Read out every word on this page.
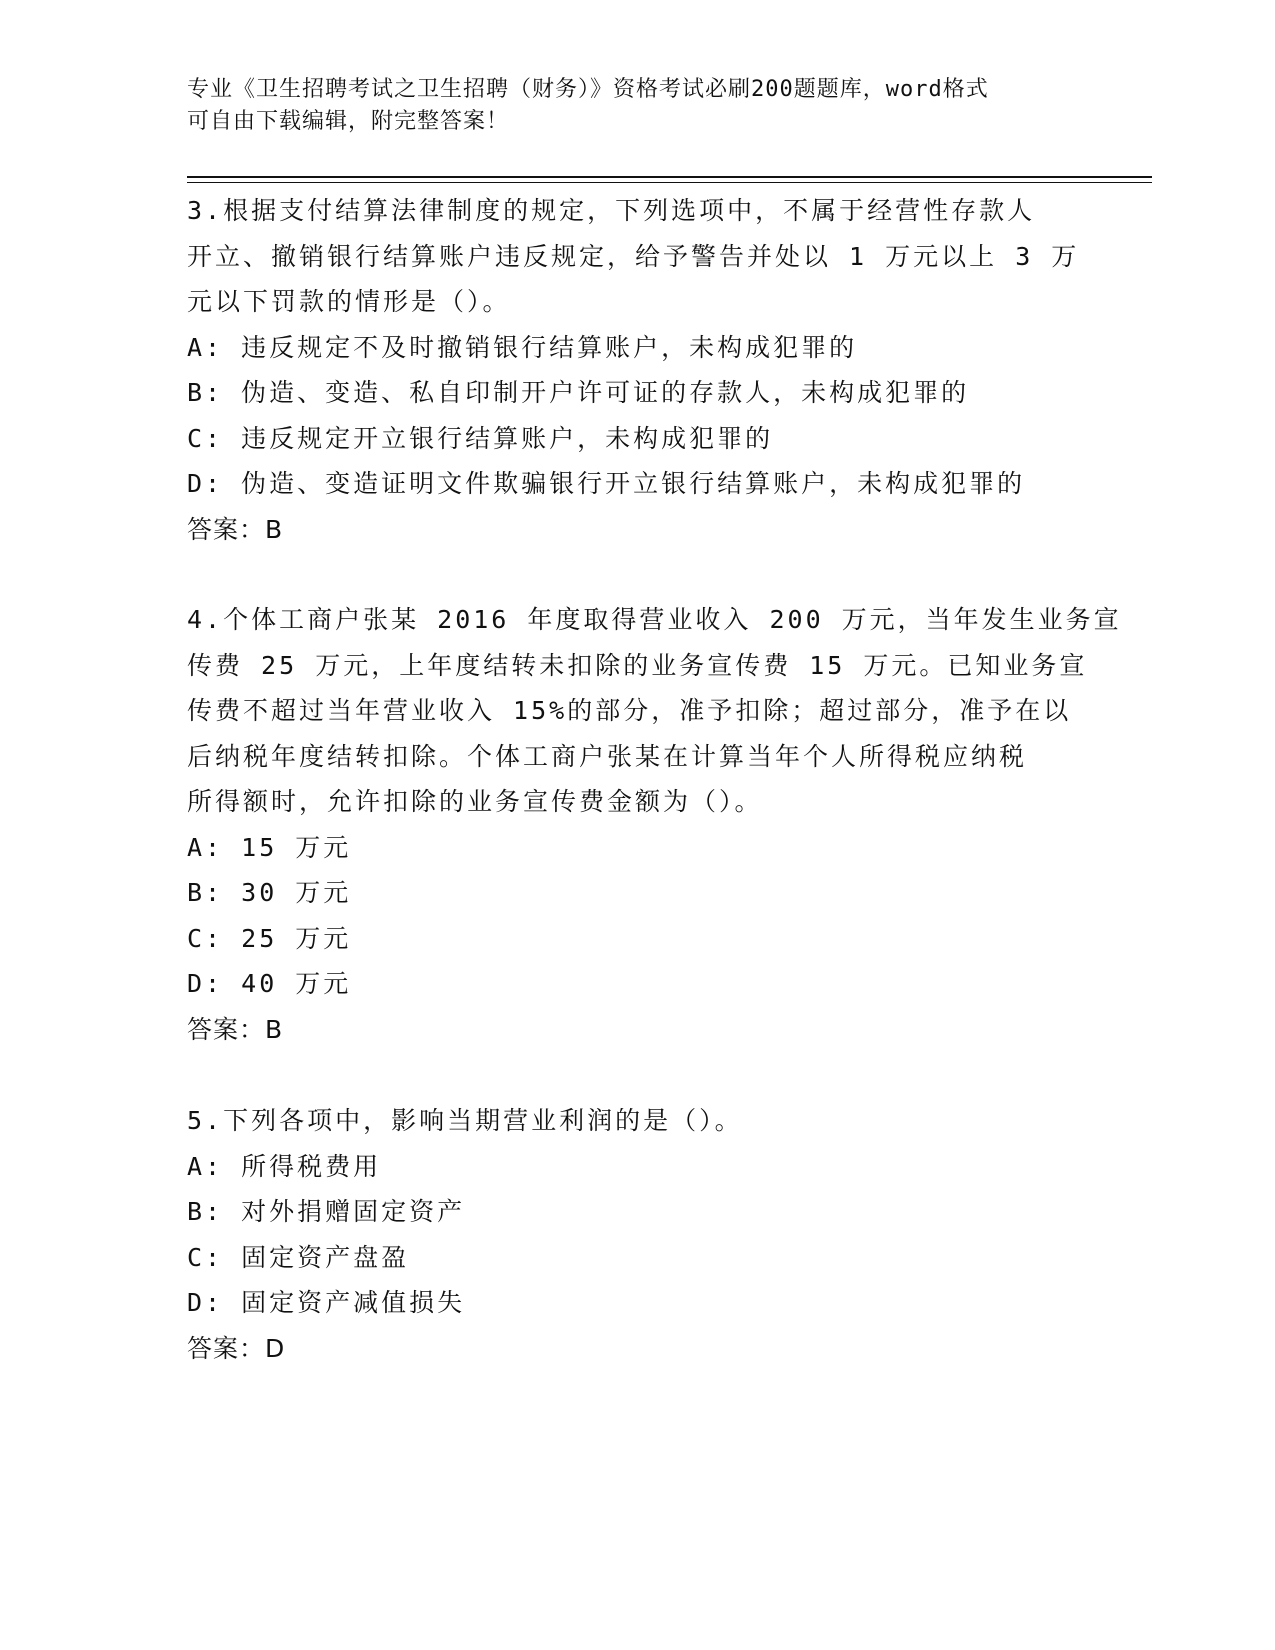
专业《卫生招聘考试之卫生招聘（财务）》资格考试必刷200题题库，word格式
可自由下载编辑，附完整答案！
3.根据支付结算法律制度的规定，下列选项中，不属于经营性存款人
开立、撤销银行结算账户违反规定，给予警告并处以 1 万元以上 3 万
元以下罚款的情形是（）。
A: 违反规定不及时撤销银行结算账户，未构成犯罪的
B: 伪造、变造、私自印制开户许可证的存款人，未构成犯罪的
C: 违反规定开立银行结算账户，未构成犯罪的
D: 伪造、变造证明文件欺骗银行开立银行结算账户，未构成犯罪的
答案：B
4.个体工商户张某 2016 年度取得营业收入 200 万元，当年发生业务宣
传费 25 万元，上年度结转未扣除的业务宣传费 15 万元。已知业务宣
传费不超过当年营业收入 15%的部分，准予扣除；超过部分，准予在以
后纳税年度结转扣除。个体工商户张某在计算当年个人所得税应纳税
所得额时，允许扣除的业务宣传费金额为（）。
A: 15 万元
B: 30 万元
C: 25 万元
D: 40 万元
答案：B
5.下列各项中，影响当期营业利润的是（）。
A: 所得税费用
B: 对外捐赠固定资产
C: 固定资产盘盈
D: 固定资产减值损失
答案：D
